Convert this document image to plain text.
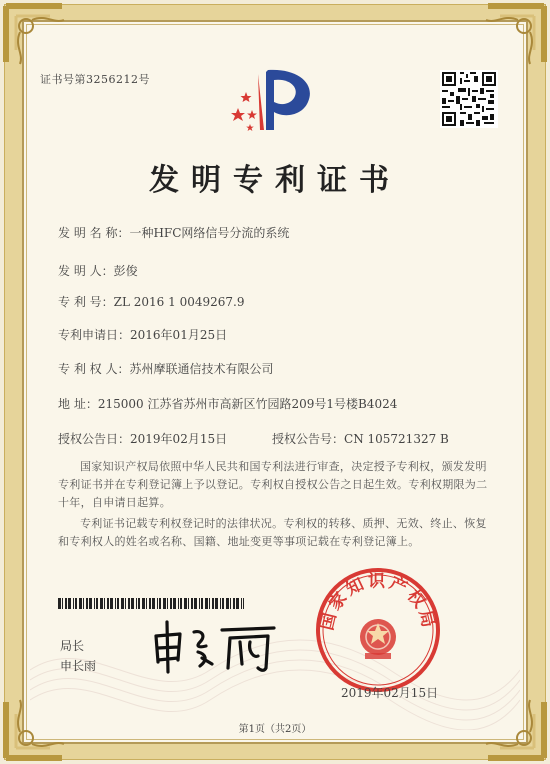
证书号第3256212号
发明专利证书
发 明 名 称：一种HFC网络信号分流的系统
发 明 人：彭俊
专 利 号：ZL 2016 1 0049267.9
专利申请日：2016年01月25日
专 利 权 人：苏州摩联通信技术有限公司
地 址：215000 江苏省苏州市高新区竹园路209号1号楼B4024
授权公告日：2019年02月15日	授权公告号：CN 105721327 B
国家知识产权局依照中华人民共和国专利法进行审查，决定授予专利权，颁发发明专利证书并在专利登记簿上予以登记。专利权自授权公告之日起生效。专利权期限为二十年，自申请日起算。
专利证书记载专利权登记时的法律状况。专利权的转移、质押、无效、终止、恢复和专利权人的姓名或名称、国籍、地址变更等事项记载在专利登记簿上。
局长
申长雨
国家知识产权局
2019年02月15日
第1页（共2页）
